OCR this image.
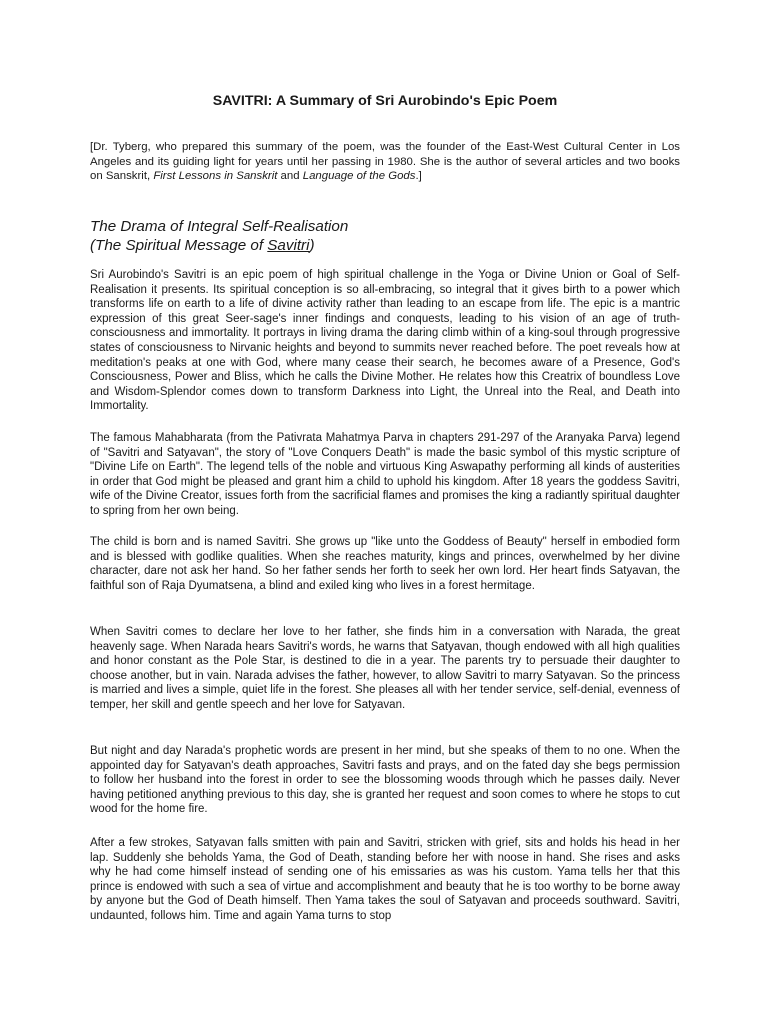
SAVITRI: A Summary of Sri Aurobindo's Epic Poem

[Dr. Tyberg, who prepared this summary of the poem, was the founder of the East-West Cultural Center in Los Angeles and its guiding light for years until her passing in 1980. She is the author of several articles and two books on Sanskrit, First Lessons in Sanskrit and Language of the Gods.]

The Drama of Integral Self-Realisation
(The Spiritual Message of Savitri)

Sri Aurobindo's Savitri is an epic poem of high spiritual challenge in the Yoga or Divine Union or Goal of Self-Realisation it presents. Its spiritual conception is so all-embracing, so integral that it gives birth to a power which transforms life on earth to a life of divine activity rather than leading to an escape from life. The epic is a mantric expression of this great Seer-sage's inner findings and conquests, leading to his vision of an age of truth-consciousness and immortality. It portrays in living drama the daring climb within of a king-soul through progressive states of consciousness to Nirvanic heights and beyond to summits never reached before. The poet reveals how at meditation's peaks at one with God, where many cease their search, he becomes aware of a Presence, God's Consciousness, Power and Bliss, which he calls the Divine Mother. He relates how this Creatrix of boundless Love and Wisdom-Splendor comes down to transform Darkness into Light, the Unreal into the Real, and Death into Immortality.

The famous Mahabharata (from the Pativrata Mahatmya Parva in chapters 291-297 of the Aranyaka Parva) legend of "Savitri and Satyavan", the story of "Love Conquers Death" is made the basic symbol of this mystic scripture of "Divine Life on Earth". The legend tells of the noble and virtuous King Aswapathy performing all kinds of austerities in order that God might be pleased and grant him a child to uphold his kingdom. After 18 years the goddess Savitri, wife of the Divine Creator, issues forth from the sacrificial flames and promises the king a radiantly spiritual daughter to spring from her own being.

The child is born and is named Savitri. She grows up "like unto the Goddess of Beauty" herself in embodied form and is blessed with godlike qualities. When she reaches maturity, kings and princes, overwhelmed by her divine character, dare not ask her hand. So her father sends her forth to seek her own lord. Her heart finds Satyavan, the faithful son of Raja Dyumatsena, a blind and exiled king who lives in a forest hermitage.

When Savitri comes to declare her love to her father, she finds him in a conversation with Narada, the great heavenly sage. When Narada hears Savitri's words, he warns that Satyavan, though endowed with all high qualities and honor constant as the Pole Star, is destined to die in a year. The parents try to persuade their daughter to choose another, but in vain. Narada advises the father, however, to allow Savitri to marry Satyavan. So the princess is married and lives a simple, quiet life in the forest. She pleases all with her tender service, self-denial, evenness of temper, her skill and gentle speech and her love for Satyavan.

But night and day Narada's prophetic words are present in her mind, but she speaks of them to no one. When the appointed day for Satyavan's death approaches, Savitri fasts and prays, and on the fated day she begs permission to follow her husband into the forest in order to see the blossoming woods through which he passes daily. Never having petitioned anything previous to this day, she is granted her request and soon comes to where he stops to cut wood for the home fire.

After a few strokes, Satyavan falls smitten with pain and Savitri, stricken with grief, sits and holds his head in her lap. Suddenly she beholds Yama, the God of Death, standing before her with noose in hand. She rises and asks why he had come himself instead of sending one of his emissaries as was his custom. Yama tells her that this prince is endowed with such a sea of virtue and accomplishment and beauty that he is too worthy to be borne away by anyone but the God of Death himself. Then Yama takes the soul of Satyavan and proceeds southward. Savitri, undaunted, follows him. Time and again Yama turns to stop
